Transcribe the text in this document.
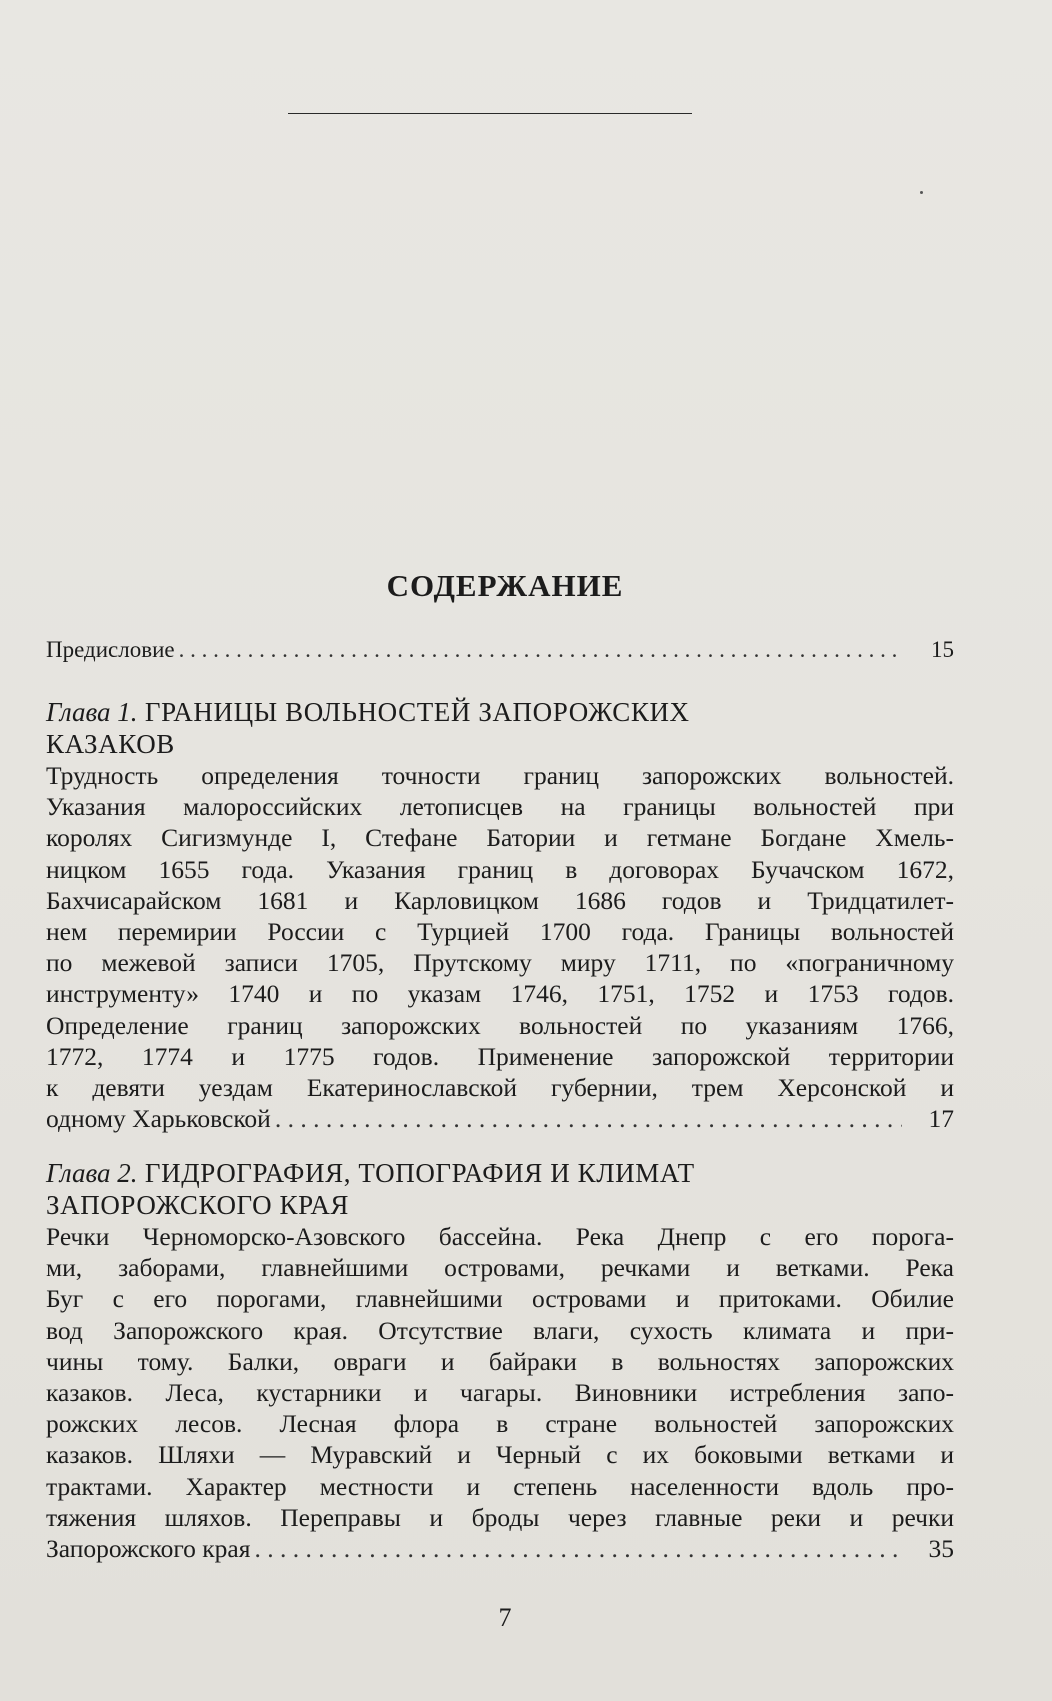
СОДЕРЖАНИЕ
Предисловие . . .	15
Глава 1. ГРАНИЦЫ ВОЛЬНОСТЕЙ ЗАПОРОЖСКИХ
КАЗАКОВ
Трудность определения точности границ запорожских вольностей.
Указания малороссийских летописцев на границы вольностей при
королях Сигизмунде I, Стефане Батории и гетмане Богдане Хмель-
ницком 1655 года. Указания границ в договорах Бучачском 1672,
Бахчисарайском 1681 и Карловицком 1686 годов и Тридцатилет-
нем перемирии России с Турцией 1700 года. Границы вольностей
по межевой записи 1705, Прутскому миру 1711, по «пограничному
инструменту» 1740 и по указам 1746, 1751, 1752 и 1753 годов.
Определение границ запорожских вольностей по указаниям 1766,
1772, 1774 и 1775 годов. Применение запорожской территории
к девяти уездам Екатеринославской губернии, трем Херсонской и
одному Харьковской . . .	17
Глава 2. ГИДРОГРАФИЯ, ТОПОГРАФИЯ И КЛИМАТ
ЗАПОРОЖСКОГО КРАЯ
Речки Черноморско-Азовского бассейна. Река Днепр с его порога-
ми, заборами, главнейшими островами, речками и ветками. Река
Буг с его порогами, главнейшими островами и притоками. Обилие
вод Запорожского края. Отсутствие влаги, сухость климата и при-
чины тому. Балки, овраги и байраки в вольностях запорожских
казаков. Леса, кустарники и чагары. Виновники истребления запо-
рожских лесов. Лесная флора в стране вольностей запорожских
казаков. Шляхи — Муравский и Черный с их боковыми ветками и
трактами. Характер местности и степень населенности вдоль про-
тяжения шляхов. Переправы и броды через главные реки и речки
Запорожского края . . .	35
7
